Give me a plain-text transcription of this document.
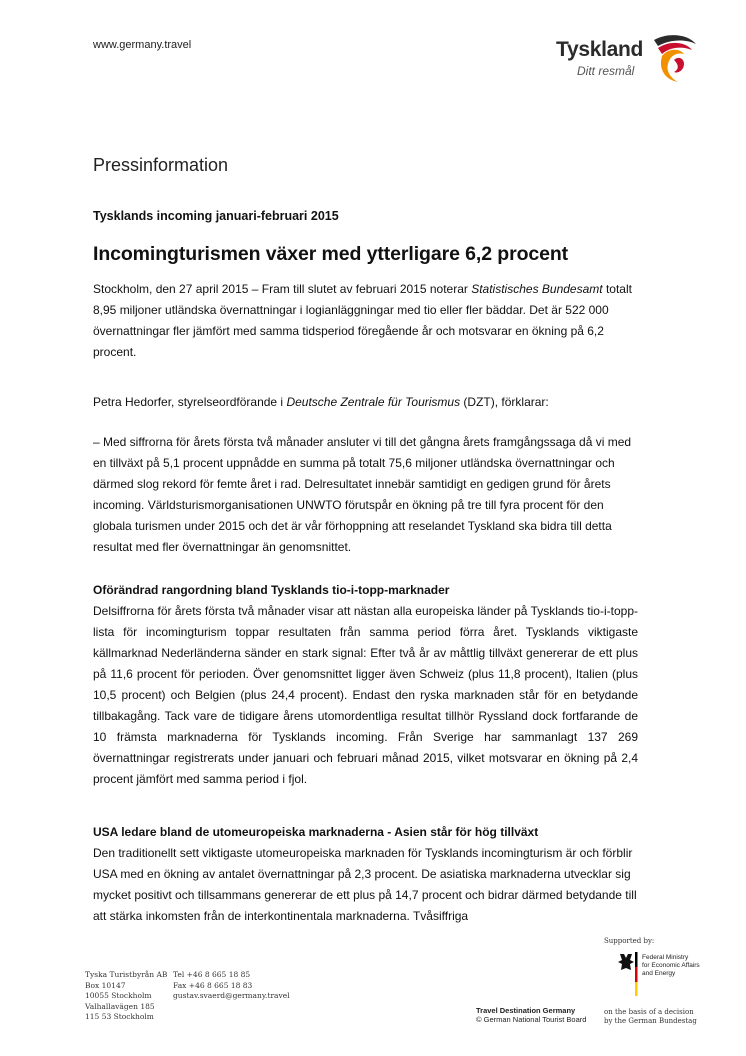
www.germany.travel	Tyskland
Ditt resmål
Pressinformation
Tysklands incoming januari-februari 2015
Incomingturismen växer med ytterligare 6,2 procent

Stockholm, den 27 april 2015 – Fram till slutet av februari 2015 noterar Statistisches Bundesamt totalt 8,95 miljoner utländska övernattningar i logianläggningar med tio eller fler bäddar. Det är 522 000 övernattningar fler jämfört med samma tidsperiod föregående år och motsvarar en ökning på 6,2 procent.

Petra Hedorfer, styrelseordförande i Deutsche Zentrale für Tourismus (DZT), förklarar:

– Med siffrorna för årets första två månader ansluter vi till det gångna årets framgångssaga då vi med en tillväxt på 5,1 procent uppnådde en summa på totalt 75,6 miljoner utländska övernattningar och därmed slog rekord för femte året i rad. Delresultatet innebär samtidigt en gedigen grund för årets incoming. Världsturismorganisationen UNWTO förutspår en ökning på tre till fyra procent för den globala turismen under 2015 och det är vår förhoppning att reselandet Tyskland ska bidra till detta resultat med fler övernattningar än genomsnittet.

Oförändrad rangordning bland Tysklands tio-i-topp-marknader

Delsiffrorna för årets första två månader visar att nästan alla europeiska länder på Tysklands tio-i-topp-lista för incomingturism toppar resultaten från samma period förra året. Tysklands viktigaste källmarknad Nederländerna sänder en stark signal: Efter två år av måttlig tillväxt genererar de ett plus på 11,6 procent för perioden. Över genomsnittet ligger även Schweiz (plus 11,8 procent), Italien (plus 10,5 procent) och Belgien (plus 24,4 procent). Endast den ryska marknaden står för en betydande tillbakagång. Tack vare de tidigare årens utomordentliga resultat tillhör Ryssland dock fortfarande de 10 främsta marknaderna för Tysklands incoming. Från Sverige har sammanlagt 137 269 övernattningar registrerats under januari och februari månad 2015, vilket motsvarar en ökning på 2,4 procent jämfört med samma period i fjol.

USA ledare bland de utomeuropeiska marknaderna - Asien står för hög tillväxt

Den traditionellt sett viktigaste utomeuropeiska marknaden för Tysklands incomingturism är och förblir USA med en ökning av antalet övernattningar på 2,3 procent. De asiatiska marknaderna utvecklar sig mycket positivt och tillsammans genererar de ett plus på 14,7 procent och bidrar därmed betydande till att stärka inkomsten från de interkontinentala marknaderna. Tvåsiffriga

Tyska Turistbyrån AB
Box 10147
10055 Stockholm
Valhallavägen 185
115 53 Stockholm
Tel +46 8 665 18 85
Fax +46 8 665 18 83
gustav.svaerd@germany.travel
Travel Destination Germany
© German National Tourist Board
Supported by:
Federal Ministry
for Economic Affairs
and Energy
on the basis of a decision
by the German Bundestag
